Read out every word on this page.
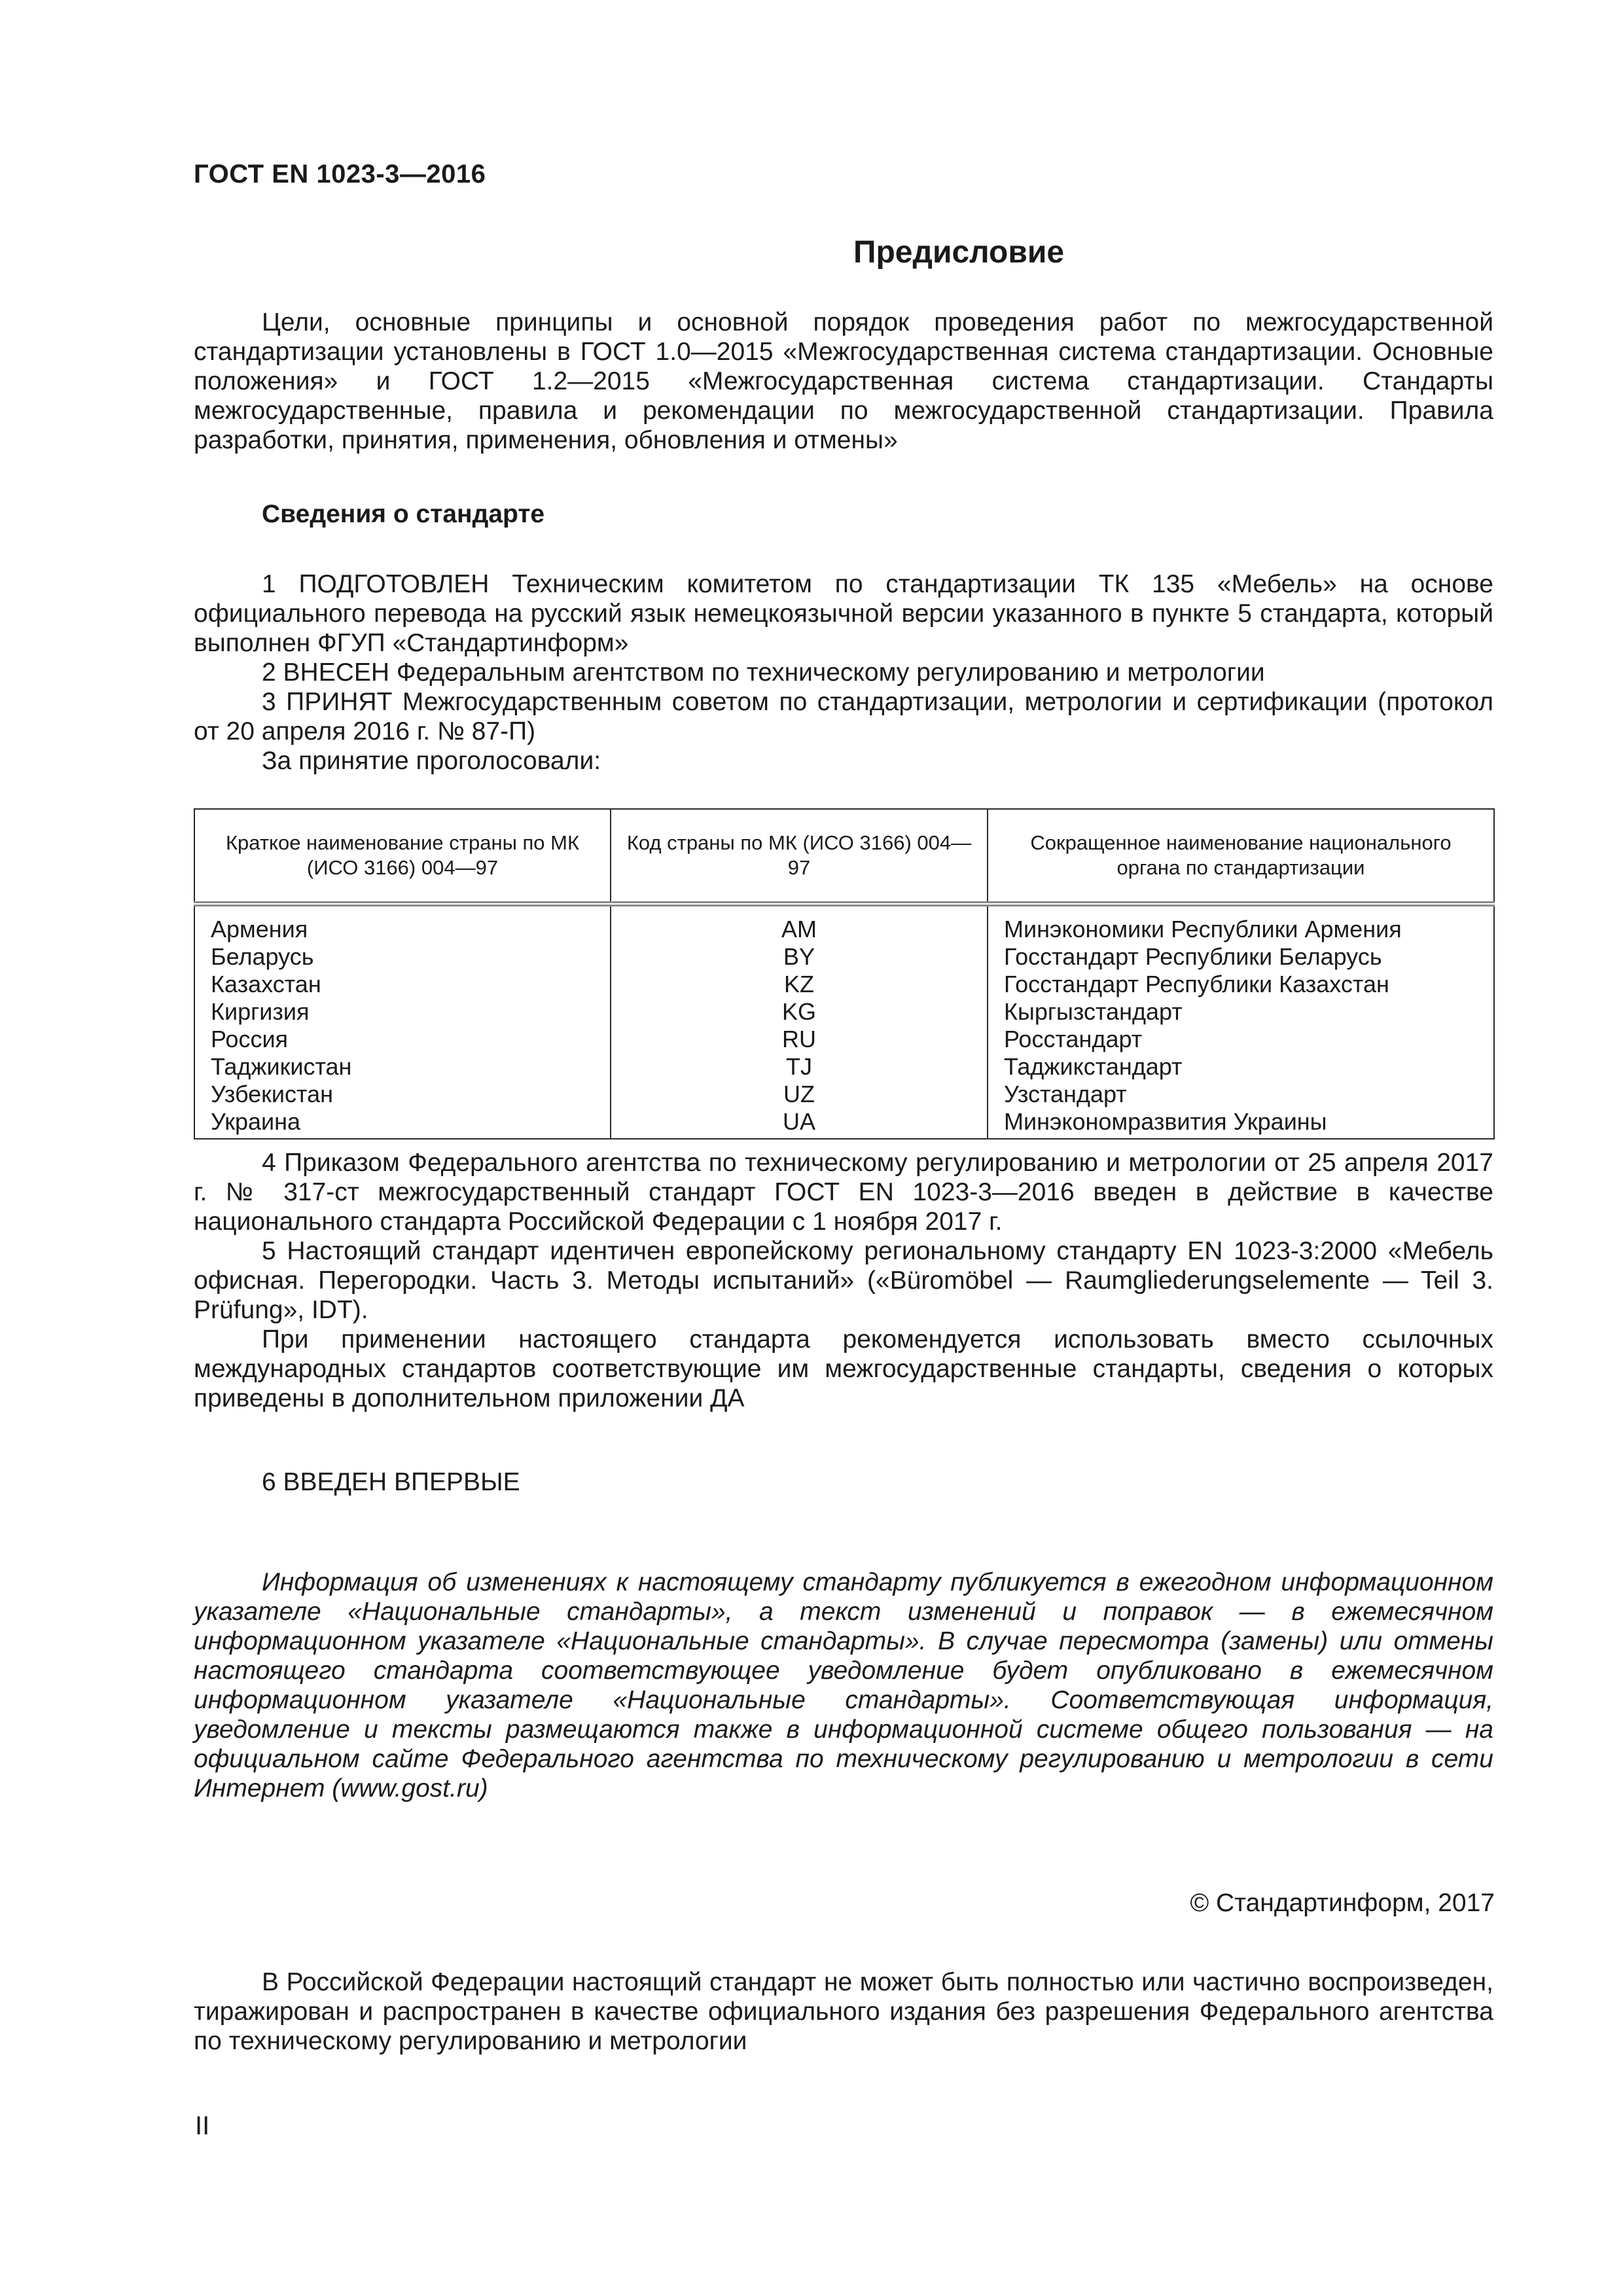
ГОСТ EN 1023-3—2016
Предисловие

Цели, основные принципы и основной порядок проведения работ по межгосударственной стандартизации установлены в ГОСТ 1.0—2015 «Межгосударственная система стандартизации. Основные положения» и ГОСТ 1.2—2015 «Межгосударственная система стандартизации. Стандарты межгосударственные, правила и рекомендации по межгосударственной стандартизации. Правила разработки, принятия, применения, обновления и отмены»

Сведения о стандарте

1 ПОДГОТОВЛЕН Техническим комитетом по стандартизации ТК 135 «Мебель» на основе официального перевода на русский язык немецкоязычной версии указанного в пункте 5 стандарта, который выполнен ФГУП «Стандартинформ»

2 ВНЕСЕН Федеральным агентством по техническому регулированию и метрологии

3 ПРИНЯТ Межгосударственным советом по стандартизации, метрологии и сертификации (протокол от 20 апреля 2016 г. № 87-П)

За принятие проголосовали:

Краткое наименование страны по МК (ИСО 3166) 004—97	Код страны по МК (ИСО 3166) 004—97	Сокращенное наименование национального органа по стандартизации
Армения	AM	Минэкономики Республики Армения
Беларусь	BY	Госстандарт Республики Беларусь
Казахстан	KZ	Госстандарт Республики Казахстан
Киргизия	KG	Кыргызстандарт
Россия	RU	Росстандарт
Таджикистан	TJ	Таджикстандарт
Узбекистан	UZ	Узстандарт
Украина	UA	Минэкономразвития Украины

4 Приказом Федерального агентства по техническому регулированию и метрологии от 25 апреля 2017 г. № 317-ст межгосударственный стандарт ГОСТ EN 1023-3—2016 введен в действие в качестве национального стандарта Российской Федерации с 1 ноября 2017 г.

5 Настоящий стандарт идентичен европейскому региональному стандарту EN 1023-3:2000 «Мебель офисная. Перегородки. Часть 3. Методы испытаний» («Büromöbel — Raumgliederungselemente — Teil 3. Prüfung», IDT).

При применении настоящего стандарта рекомендуется использовать вместо ссылочных международных стандартов соответствующие им межгосударственные стандарты, сведения о которых приведены в дополнительном приложении ДА

6 ВВЕДЕН ВПЕРВЫЕ

Информация об изменениях к настоящему стандарту публикуется в ежегодном информационном указателе «Национальные стандарты», а текст изменений и поправок — в ежемесячном информационном указателе «Национальные стандарты». В случае пересмотра (замены) или отмены настоящего стандарта соответствующее уведомление будет опубликовано в ежемесячном информационном указателе «Национальные стандарты». Соответствующая информация, уведомление и тексты размещаются также в информационной системе общего пользования — на официальном сайте Федерального агентства по техническому регулированию и метрологии в сети Интернет (www.gost.ru)

© Стандартинформ, 2017

В Российской Федерации настоящий стандарт не может быть полностью или частично воспроизведен, тиражирован и распространен в качестве официального издания без разрешения Федерального агентства по техническому регулированию и метрологии

II
